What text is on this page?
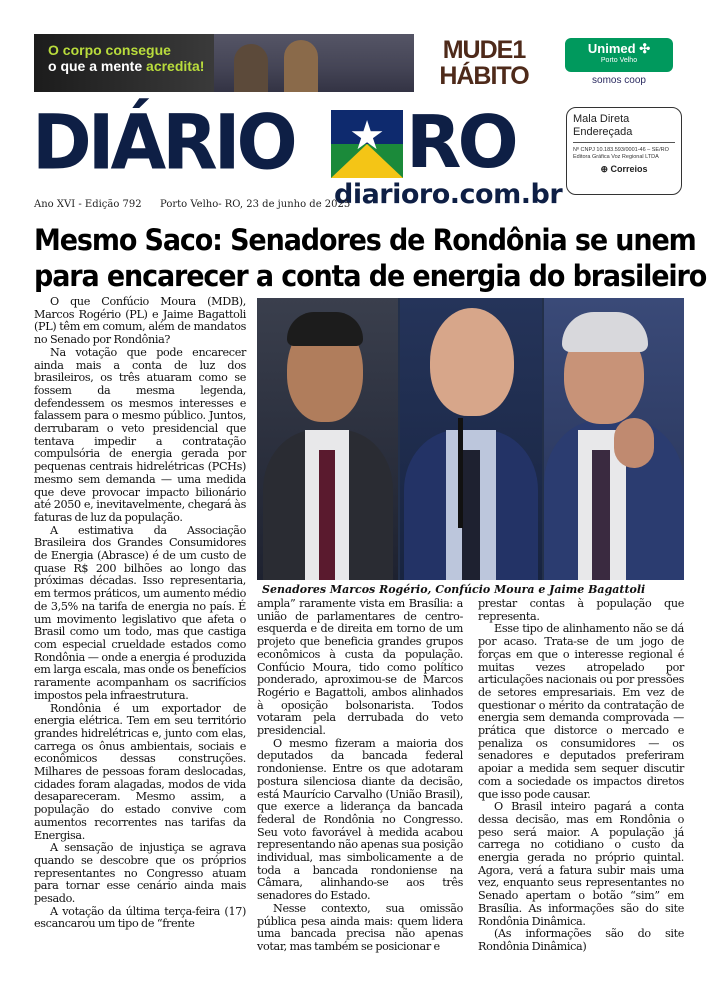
O corpo consegue
o que a mente acredita!
MUDE1
HÁBITO
Unimed ✣
Porto Velho
somos coop
DIÁRIO	★ RO
diarioro.com.br
Ano XVI - Edição 792 Porto Velho- RO, 23 de junho de 2025
Mala Direta
Endereçada
Nº CNPJ 10.183.593/0001-46 – SE/RO
Editora Gráfica Voz Regional LTDA
⊕ Correios
Mesmo Saco: Senadores de Rondônia se unem
para encarecer a conta de energia do brasileiro
Senadores Marcos Rogério, Confúcio Moura e Jaime Bagattoli

O que Confúcio Moura (MDB), Marcos Rogério (PL) e Jaime Bagattoli (PL) têm em comum, além de mandatos no Senado por Rondônia?

Na votação que pode encarecer ainda mais a conta de luz dos brasileiros, os três atuaram como se fossem da mesma legenda, defendessem os mesmos interesses e falassem para o mesmo público. Juntos, derrubaram o veto presidencial que tentava impedir a contratação compulsória de energia gerada por pequenas centrais hidrelétricas (PCHs) mesmo sem demanda — uma medida que deve provocar impacto bilionário até 2050 e, inevitavelmente, chegará às faturas de luz da população.

A estimativa da Associação Brasileira dos Grandes Consumidores de Energia (Abrasce) é de um custo de quase R$ 200 bilhões ao longo das próximas décadas. Isso representaria, em termos práticos, um aumento médio de 3,5% na tarifa de energia no país. É um movimento legislativo que afeta o Brasil como um todo, mas que castiga com especial crueldade estados como Rondônia — onde a energia é produzida em larga escala, mas onde os benefícios raramente acompanham os sacrifícios impostos pela infraestrutura.

Rondônia é um exportador de energia elétrica. Tem em seu território grandes hidrelétricas e, junto com elas, carrega os ônus ambientais, sociais e econômicos dessas construções. Milhares de pessoas foram deslocadas, cidades foram alagadas, modos de vida desapareceram. Mesmo assim, a população do estado convive com aumentos recorrentes nas tarifas da Energisa.

A sensação de injustiça se agrava quando se descobre que os próprios representantes no Congresso atuam para tornar esse cenário ainda mais pesado.

A votação da última terça-feira (17) escancarou um tipo de “frente

ampla” raramente vista em Brasília: a união de parlamentares de centro-esquerda e de direita em torno de um projeto que beneficia grandes grupos econômicos à custa da população. Confúcio Moura, tido como político ponderado, aproximou-se de Marcos Rogério e Bagattoli, ambos alinhados à oposição bolsonarista. Todos votaram pela derrubada do veto presidencial.

O mesmo fizeram a maioria dos deputados da bancada federal rondoniense. Entre os que adotaram postura silenciosa diante da decisão, está Maurício Carvalho (União Brasil), que exerce a liderança da bancada federal de Rondônia no Congresso. Seu voto favorável à medida acabou representando não apenas sua posição individual, mas simbolicamente a de toda a bancada rondoniense na Câmara, alinhando-se aos três senadores do Estado.

Nesse contexto, sua omissão pública pesa ainda mais: quem lidera uma bancada precisa não apenas votar, mas também se posicionar e

prestar contas à população que representa.

Esse tipo de alinhamento não se dá por acaso. Trata-se de um jogo de forças em que o interesse regional é muitas vezes atropelado por articulações nacionais ou por pressões de setores empresariais. Em vez de questionar o mérito da contratação de energia sem demanda comprovada — prática que distorce o mercado e penaliza os consumidores — os senadores e deputados preferiram apoiar a medida sem sequer discutir com a sociedade os impactos diretos que isso pode causar.

O Brasil inteiro pagará a conta dessa decisão, mas em Rondônia o peso será maior. A população já carrega no cotidiano o custo da energia gerada no próprio quintal. Agora, verá a fatura subir mais uma vez, enquanto seus representantes no Senado apertam o botão “sim” em Brasília. As informações são do site Rondônia Dinâmica.

(As informações são do site Rondônia Dinâmica)
